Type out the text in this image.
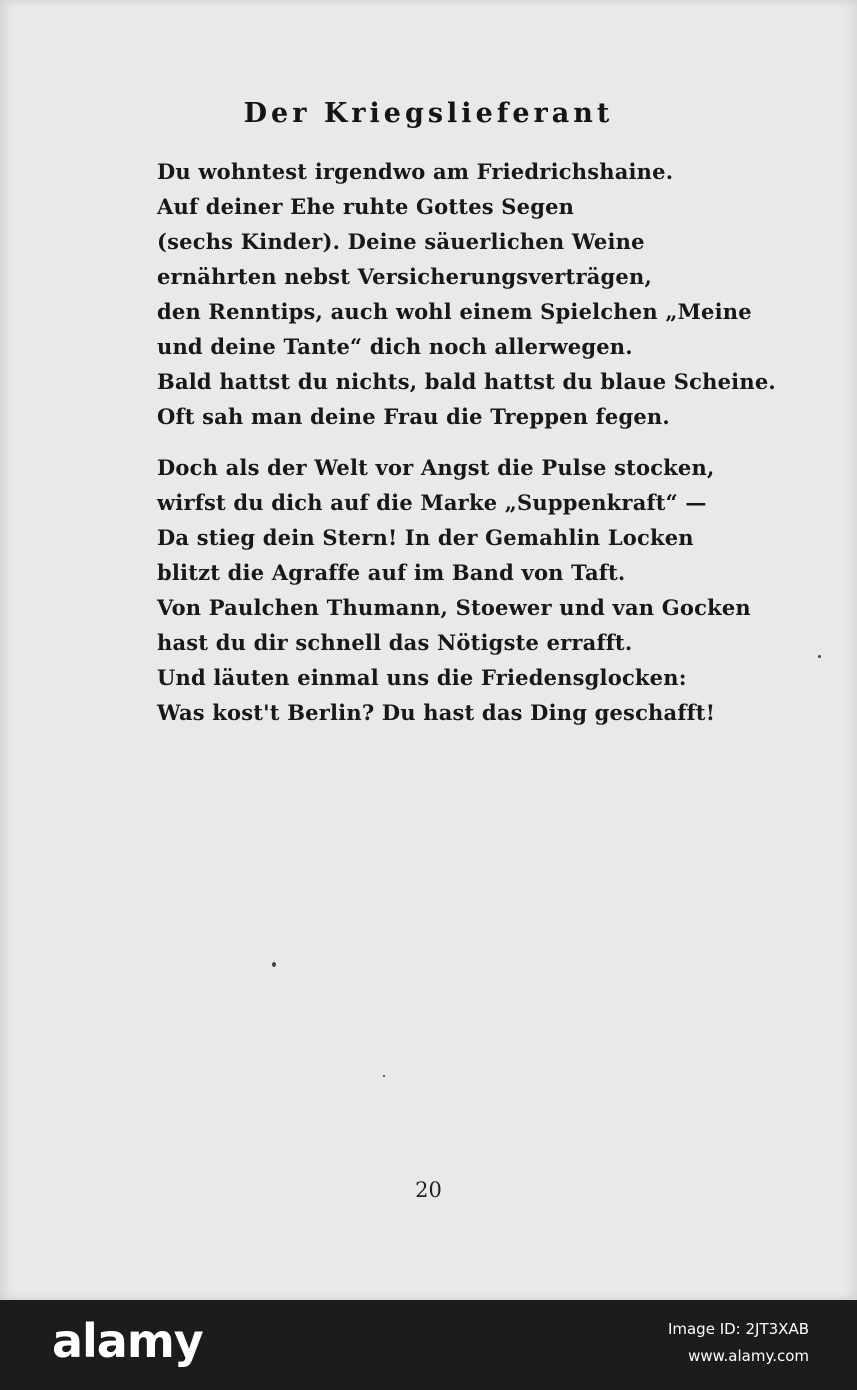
Der Kriegslieferant
Du wohntest irgendwo am Friedrichshaine.
Auf deiner Ehe ruhte Gottes Segen
(sechs Kinder). Deine säuerlichen Weine
ernährten nebst Versicherungsverträgen,
den Renntips, auch wohl einem Spielchen „Meine
und deine Tante“ dich noch allerwegen.
Bald hattst du nichts, bald hattst du blaue Scheine.
Oft sah man deine Frau die Treppen fegen.
Doch als der Welt vor Angst die Pulse stocken,
wirfst du dich auf die Marke „Suppenkraft“ —
Da stieg dein Stern! In der Gemahlin Locken
blitzt die Agraffe auf im Band von Taft.
Von Paulchen Thumann, Stoewer und van Gocken
hast du dir schnell das Nötigste errafft.
Und läuten einmal uns die Friedensglocken:
Was kost't Berlin? Du hast das Ding geschafft!
20
alamy	Image ID: 2JT3XAB
www.alamy.com
